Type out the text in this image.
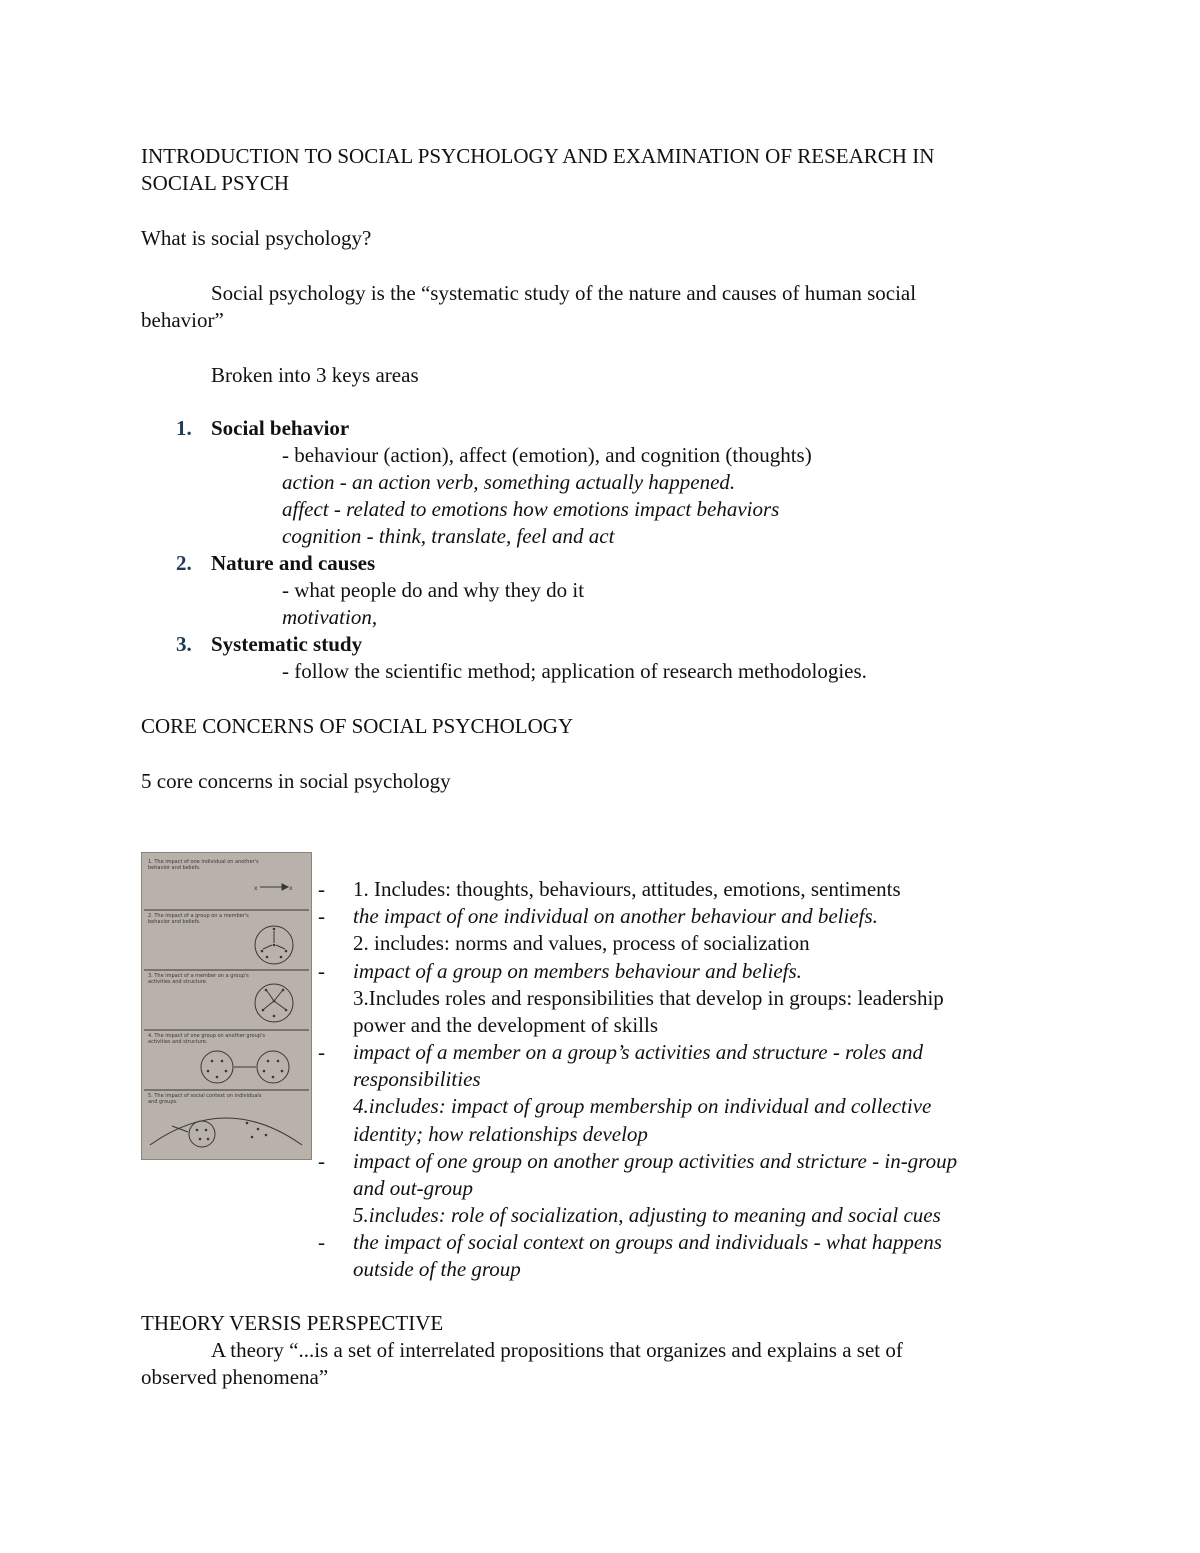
INTRODUCTION TO SOCIAL PSYCHOLOGY AND EXAMINATION OF RESEARCH IN
SOCIAL PSYCH
What is social psychology?
Social psychology is the “systematic study of the nature and causes of human social
behavior”
Broken into 3 keys areas
1. Social behavior
- behaviour (action), affect (emotion), and cognition (thoughts)
action - an action verb, something actually happened.
affect - related to emotions how emotions impact behaviors
cognition - think, translate, feel and act
2. Nature and causes
- what people do and why they do it
motivation,
3. Systematic study
- follow the scientific method; application of research methodologies.
CORE CONCERNS OF SOCIAL PSYCHOLOGY
5 core concerns in social psychology
x	x
1. The impact of one individual on another's behavior and beliefs.
2. The impact of a group on a member's behavior and beliefs.
3. The impact of a member on a group's activities and structure.
4. The impact of one group on another group's activities and structure.
5. The impact of social context on individuals and groups.
-
-
-
-
-
-
1. Includes: thoughts, behaviours, attitudes, emotions, sentiments
the impact of one individual on another behaviour and beliefs.
2. includes: norms and values, process of socialization
impact of a group on members behaviour and beliefs.
3.Includes roles and responsibilities that develop in groups: leadership
power and the development of skills
impact of a member on a group’s activities and structure - roles and
responsibilities
4.includes: impact of group membership on individual and collective
identity; how relationships develop
impact of one group on another group activities and stricture - in-group
and out-group
5.includes: role of socialization, adjusting to meaning and social cues
the impact of social context on groups and individuals - what happens
outside of the group
THEORY VERSIS PERSPECTIVE
A theory “...is a set of interrelated propositions that organizes and explains a set of
observed phenomena”
